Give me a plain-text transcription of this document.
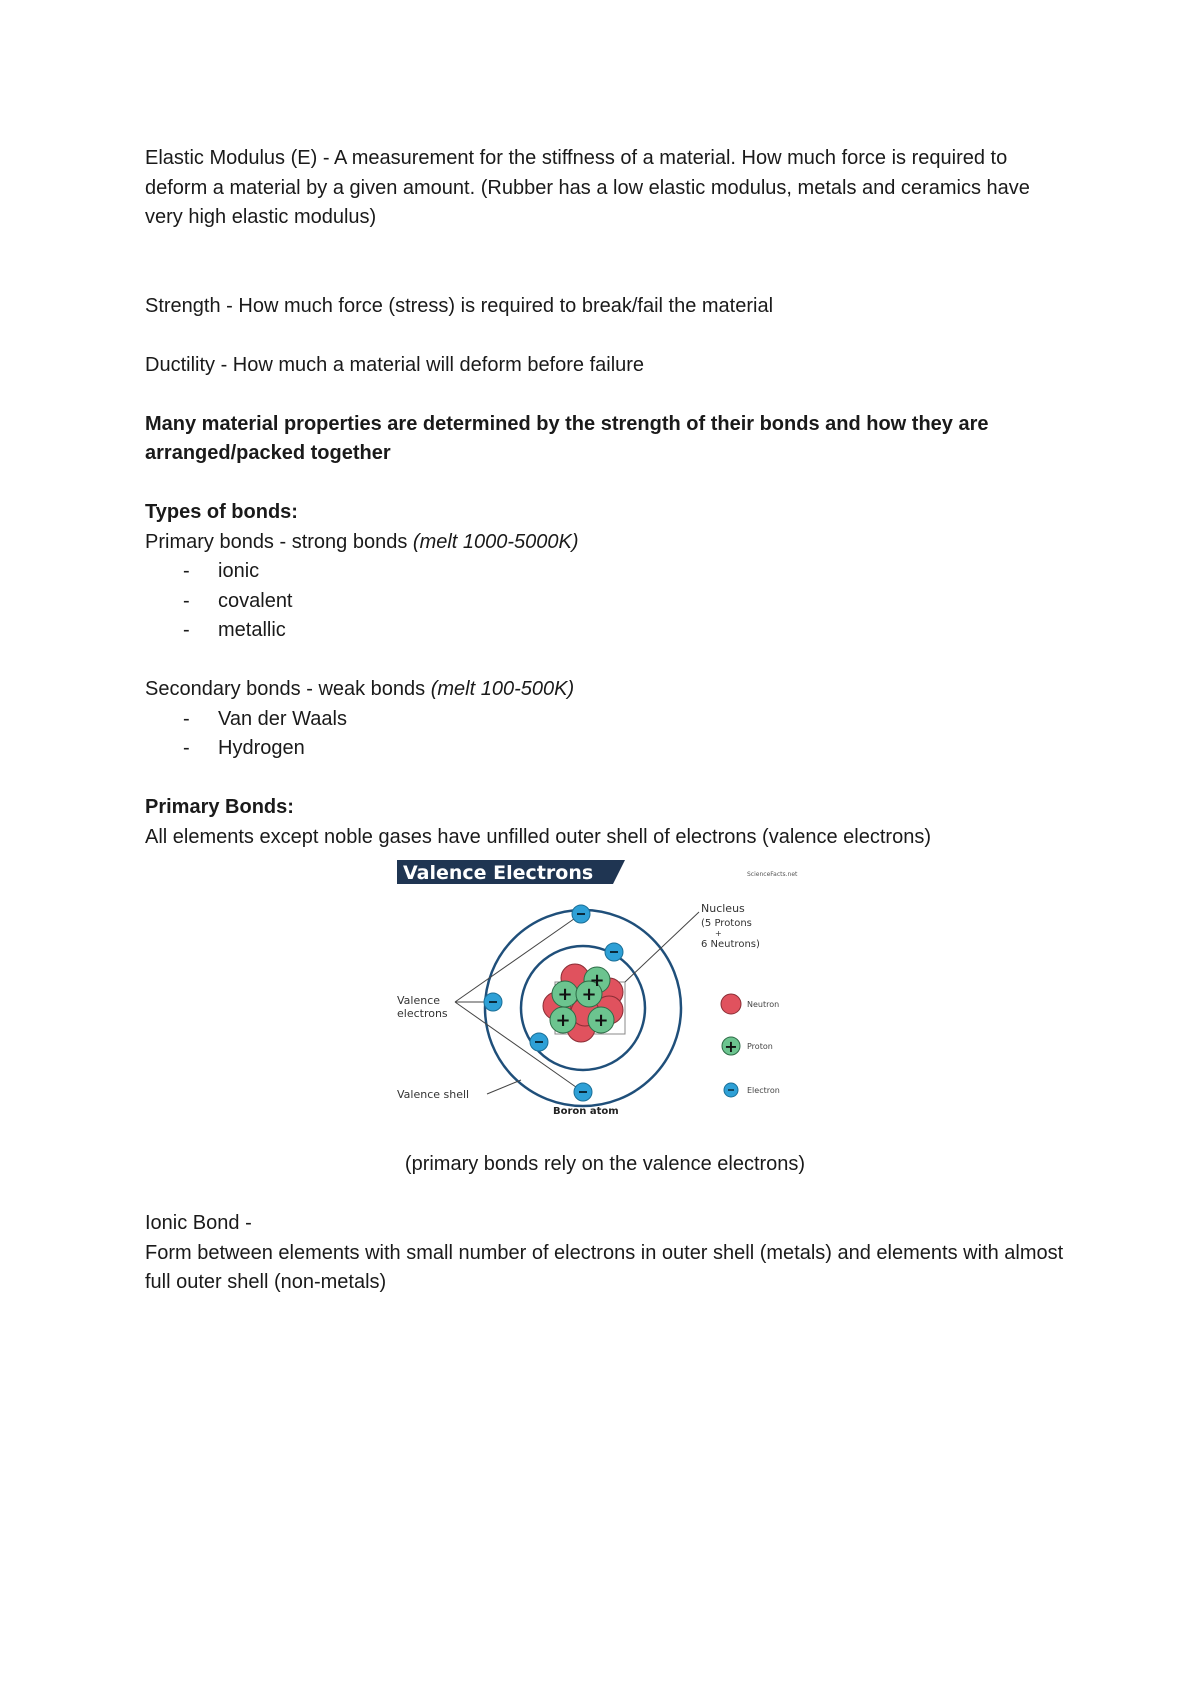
Elastic Modulus (E) - A measurement for the stiffness of a material. How much force is required to deform a material by a given amount. (Rubber has a low elastic modulus, metals and ceramics have very high elastic modulus)

Strength - How much force (stress) is required to break/fail the material

Ductility - How much a material will deform before failure

Many material properties are determined by the strength of their bonds and how they are arranged/packed together

Types of bonds:

Primary bonds - strong bonds (melt 1000-5000K)

- ionic
- covalent
- metallic

Secondary bonds - weak bonds (melt 100-500K)

- Van der Waals
- Hydrogen

Primary Bonds:

All elements except noble gases have unfilled outer shell of electrons (valence electrons)

Valence Electrons	ScienceFacts.net
+
+ +
+ +
Nucleus
(5 Protons
+
6 Neutrons)
Valence
electrons
Valence shell
Boron atom
Neutron
+ Proton
Electron

(primary bonds rely on the valence electrons)

Ionic Bond -

Form between elements with small number of electrons in outer shell (metals) and elements with almost full outer shell (non-metals)
